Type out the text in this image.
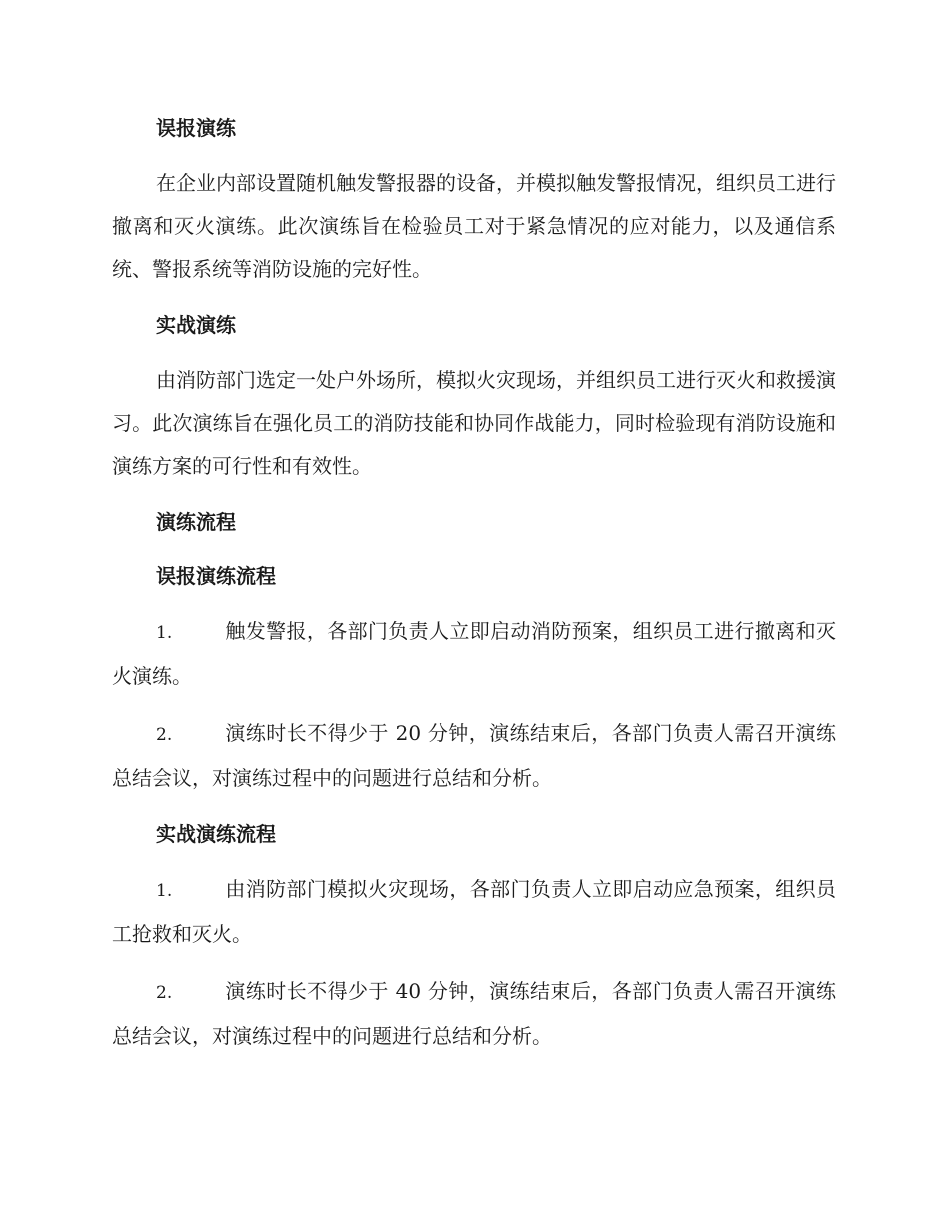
误报演练
在企业内部设置随机触发警报器的设备，并模拟触发警报情况，组织员工进行撤离和灭火演练。此次演练旨在检验员工对于紧急情况的应对能力，以及通信系统、警报系统等消防设施的完好性。
实战演练
由消防部门选定一处户外场所，模拟火灾现场，并组织员工进行灭火和救援演习。此次演练旨在强化员工的消防技能和协同作战能力，同时检验现有消防设施和演练方案的可行性和有效性。
演练流程
误报演练流程
1.	触发警报，各部门负责人立即启动消防预案，组织员工进行撤离和灭火演练。
2.	演练时长不得少于 20 分钟，演练结束后，各部门负责人需召开演练总结会议，对演练过程中的问题进行总结和分析。
实战演练流程
1.	由消防部门模拟火灾现场，各部门负责人立即启动应急预案，组织员工抢救和灭火。
2.	演练时长不得少于 40 分钟，演练结束后，各部门负责人需召开演练总结会议，对演练过程中的问题进行总结和分析。
